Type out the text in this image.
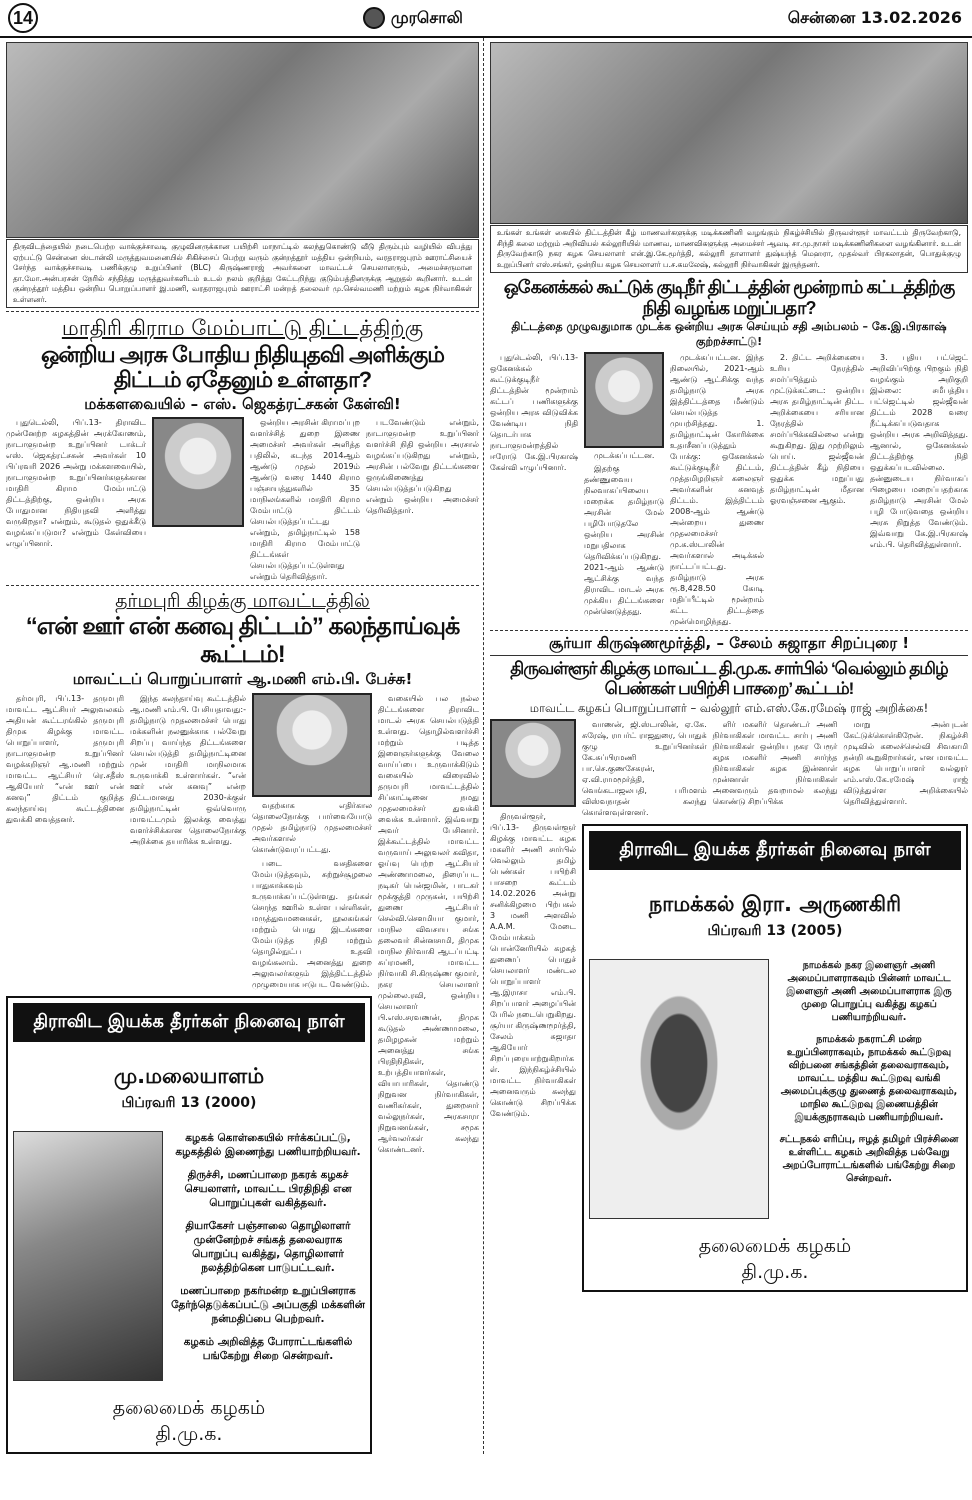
14	முரசொலி	சென்னை 13.02.2026
திருவிடந்தையில் நடைபெற்ற வாக்குச்சாவடி குழுவினருக்கான பயிற்சி மாநாட்டில் கலந்துகொண்டு வீடு திரும்பும் வழியில் விபத்து ஏற்பட்டு சென்னை ஸ்டான்லி மருத்துவமனையில் சிகிச்சைப் பெற்று வரும் குன்றத்தூர் மத்திய ஒன்றியம், வரதராஜபுரம் ஊராட்சியைச் சேர்ந்த வாக்குச்சாவடி பணிக்குழு உறுப்பினர் (BLC) கிருஷ்ணராஜ் அவர்களை மாவட்டச் செயலாளரும், அமைச்சருமான தா.மோ.அன்பரசன் நேரில் சந்தித்து மருத்துவர்களிடம் உடல் நலம் குறித்து கேட்டறிந்து குடும்பத்தினருக்கு ஆறுதல் கூறினார். உடன் குன்றத்தூர் மத்திய ஒன்றிய பொறுப்பாளர் இ.மணி, வரதராஜபுரம் ஊராட்சி மன்றத் தலைவர் மு.செல்வமணி மற்றும் கழக நிர்வாகிகள் உள்ளனர்.
மாதிரி கிராம மேம்பாட்டு திட்டத்திற்கு
ஒன்றிய அரசு போதிய நிதியுதவி அளிக்கும் திட்டம் ஏதேனும் உள்ளதா?
மக்களவையில் – எஸ். ஜெகத்ரட்சகன் கேள்வி!

புதுடெல்லி, பிப்.13- திராவிட முன்னேற்ற கழகத்தின் அரக்கோணம், நாடாளுமன்ற உறுப்பினர் டாக்டர் எஸ். ஜெகத்ரட்சகன் அவர்கள் 10 பிப்ரவரி 2026 அன்று மக்களவையில், நாடாளுமன்ற உறுப்பினர்களுக்கான மாதிரி கிராம மேம்பாட்டு திட்டத்திற்கு, ஒன்றிய அரசு போதுமான நிதியுதவி அளித்து வருகிறதா? என்றும், கூடுதல் ஒதுக்கீடு வழங்கப்படுமா? என்றும் கேள்வியை எழுப்பினார்.

ஒன்றிய அரசின் கிராமப்புற வளர்ச்சித் துறை இணை அமைச்சர் அவர்கள் அளித்த பதிலில், கடந்த 2014ஆம் ஆண்டு முதல் 2019ம் ஆண்டு வரை 1440 கிராம பஞ்சாயத்துகளில் 35 மாநிலங்களில் மாதிரி கிராம மேம்பாட்டு திட்டம் செயல்படுத்தப்பட்டது என்றும், தமிழ்நாட்டில் 158 மாதிரி கிராம மேம்பாட்டு திட்டங்கள் செயல்படுத்தப்பட்டுள்ளது என்றும் தெரிவித்தார்.

படவேண்டும் என்றும், நாடாளுமன்ற உறுப்பினர் வளர்ச்சி நிதி ஒன்றிய அரசால் வழங்கப்படுகிறது என்றும், அரசின் பல்வேறு திட்டங்களை ஒருங்கிணைத்து செயல்படுத்தப்படுகிறது என்றும் ஒன்றிய அமைச்சர் தெரிவித்தார்.

தர்மபுரி கிழக்கு மாவட்டத்தில்
“என் ஊர் என் கனவு திட்டம்” கலந்தாய்வுக் கூட்டம்!
மாவட்டப் பொறுப்பாளர் ஆ.மணி எம்.பி. பேச்சு!

தர்மபுரி, பிப்.13- தருமபுரி மாவட்ட ஆட்சியர் அலுவலகம் அதியன் கூட்டரங்கில் தருமபுரி திமுக கிழக்கு மாவட்ட பொறுப்பாளர், தருமபுரி நாடாளுமன்ற உறுப்பினர் வழக்கறிஞர் ஆ.மணி மற்றும் மாவட்ட ஆட்சியர் ரெ.சதீஸ் ஆகியோர் “என் ஊர் என் கனவு” திட்டம் குறித்த கலந்தாய்வு கூட்டத்தினை துவக்கி வைத்தனர்.

இந்த கலந்தாய்வு கூட்டத்தில் ஆ.மணி எம்.பி. பேசியதாவது:- தமிழ்நாடு முதலமைச்சர் பொது மக்களின் நலனுக்காக பல்வேறு சிறப்பு வாய்ந்த திட்டங்களை செயல்படுத்தி தமிழ்நாட்டினை முன் மாதிரி மாநிலமாக உருவாக்கி உள்ளார்கள். “என் ஊர் என் கனவு” என்ற திட்டமானது 2030-க்குள் தமிழ்நாட்டின் ஒவ்வொரு மாவட்டமும் இலக்கு வைத்து வளர்ச்சிக்கான தொலைநோக்கு அறிக்கை தயாரிக்க உள்ளது.

வதற்காக எதிர்கால தொலைநோக்கு பார்வையோடு முதல் தமிழ்நாடு முதலமைச்சர் அவர்களால் கொண்டுவரப்பட்டது.

படை வசதிகளை மேம்படுத்தவும், சுற்றுச்சூழலை பாதுகாக்கவும் உருவாக்கப்பட்டுள்ளது. தங்கள் சொந்த ஊரில் உள்ள பள்ளிகள், மருத்துவமனைகள், நூலகங்கள் மற்றும் பொது இடங்களை மேம்படுத்த நிதி மற்றும் தொழில்நுட்ப உதவி வழங்கலாம். அனைத்து துறை அலுவலர்களும் இத்திட்டத்தில் முழுமையாக ஈடுபட வேண்டும்.

வகையில் பல நல்ல திட்டங்களை திராவிட மாடல் அரசு செயல்படுத்தி உள்ளது. தொழில்வளர்ச்சி மற்றும் படித்த இளைஞர்களுக்கு வேலை வாய்ப்பை உருவாக்கிடும் வகையில் விரைவில் தருமபுரி மாவட்டத்தில் சிப்காட்டினை நமது முதலமைச்சர் துவக்கி வைக்க உள்ளார். இவ்வாறு அவர் பேசினார். இக்கூட்டத்தில் மாவட்ட வருவாய் அலுவலர் கவிதா, ஓய்வு பெற்ற ஆட்சியர் அண்ணாமலை, திரைப்பட நடிகர் பென்ஜமின், பாடகர் மூக்குத்தி முருகன், பயிற்சி துணை ஆட்சியர் செல்வி.சௌமியா குமார், மாநில விவசாய சங்க தலைவர் சின்னசாமி, திமுக மாநில நிர்வாகி ஆடப்பட்டி சுப்ரமணி, மாவட்ட நிர்வாகி சி.கிருஷ்ண குமார், நகர செயலாளர் முல்லை.ரவி, ஒன்றிய செயலாளர் பி.எஸ்.சரவணன், திமுக கூடுதல் அண்ணாமலை, தமிழழகன் மற்றும் அனைத்து சங்க பிரதிநிதிகள், உற்பத்தியாளர்கள், வியாபாரிகள், தொண்டு நிறுவன நிர்வாகிகள், வணிகர்கள், துறைசார் வல்லுநர்கள், அரசுசாரா நிறுவனங்கள், சமூக ஆர்வலர்கள் கலந்து கொண்டனர்.

திராவிட இயக்க தீரர்கள் நினைவு நாள்
மு.மலையாளம்
பிப்ரவரி 13 (2000)

கழகக் கொள்கையில் ஈர்க்கப்பட்டு, கழகத்தில் இணைந்து பணியாற்றியவர்.

திருச்சி, மணப்பாறை நகரக் கழகச் செயலாளர், மாவட்ட பிரதிநிதி என பொறுப்புகள் வகித்தவர்.

தியாகேசர் பஞ்சாலை தொழிலாளர் முன்னேற்றச் சங்கத் தலைவராக பொறுப்பு வகித்து, தொழிலாளர் நலத்திற்கென பாடுபட்டவர்.

மணப்பாறை நகர்மன்ற உறுப்பினராக தேர்ந்தெடுக்கப்பட்டு அப்பகுதி மக்களின் நன்மதிப்பை பெற்றவர்.

கழகம் அறிவித்த போராட்டங்களில் பங்கேற்று சிறை சென்றவர்.

தலைமைக் கழகம்
தி.மு.க.
உங்கள் உங்கள் கையில் திட்டத்தின் கீழ் மாணவர்களுக்கு மடிக்கணினி வழங்கும் நிகழ்ச்சியில் திருவள்ளூர் மாவட்டம் திருவேற்காடு, சிந்தி கலை மற்றும் அறிவியல் கல்லூரியில் மாணவ, மாணவிகளுக்கு அமைச்சர் ஆவடி சா.மு.நாசர் மடிக்கணினிகளை வழங்கினார். உடன் திருவேற்காடு நகர கழக செயலாளர் என்.இ.கே.மூர்த்தி, கல்லூரி தாளாளர் துஷ்யந்த் மெஹரா, முதல்வர் பிரகலாதன், பொதுக்குழு உறுப்பினர் எஸ்.சங்கர், ஒன்றிய கழக செயலாளர் ப.ச.கமலேஷ், கல்லூரி நிர்வாகிகள் இருந்தனர்.
ஒகேனக்கல் கூட்டுக் குடிநீர் திட்டத்தின் மூன்றாம் கட்டத்திற்கு நிதி வழங்க மறுப்பதா?
திட்டத்தை முழுவதுமாக முடக்க ஒன்றிய அரசு செய்யும் சதி அம்பலம் – கே.இ.பிரகாஷ் குற்றச்சாட்டு!

புதுடெல்லி, பிப்.13- ஒகேனக்கல் கூட்டுக்குடிநீர் திட்டத்தின் மூன்றாம் கட்டப் பணிகளுக்கு ஒன்றிய அரசு விடுவிக்க வேண்டிய நிதி தொடர்பாக நாடாளுமன்றத்தில் ஈரோடு கே.இ.பிரகாஷ் கேள்வி எழுப்பினார்.

முடக்கப்பட்டன.

இதற்கு தண்ணுவைய நிலவாகப்பிலைய மறைக்க தமிழ்நாடு அரசின் மேல் பழிபோடுதலே ஒன்றிய அரசின் மறுபதிலாக தெரிவிக்கப்படுகிறது. 2021-ஆம் ஆண்டு ஆட்சிக்கு வந்த திராவிட மாடல் அரசு முக்கிய திட்டங்களை முன்னெடுத்தது.

முடக்கப்பட்டன. இந்த நிலையில், 2021-ஆம் ஆண்டு ஆட்சிக்கு வந்த தமிழ்நாடு அரசு இத்திட்டத்தை மீண்டும் செயல்படுத்த முயற்சித்தது. 1. தமிழ்நாட்டின் கோரிக்கை உதாசீனப்படுத்தும் போக்கு: ஒகேனக்கல் கூட்டுக்குடிநீர் திட்டம், முத்தமிழறிஞர் கலைஞர் அவர்களின் கனவுத் திட்டம். இத்திட்டம் 2008-ஆம் ஆண்டு அன்றைய துணை முதலமைச்சர் மு.க.ஸ்டாலின் அவர்களால் அடிக்கல் நாட்டப்பட்டது. தமிழ்நாடு அரசு ரூ.8,428.50 கோடி மதிப்பீட்டில் மூன்றாம் கட்ட திட்டத்தை முன்மொழிந்தது.

2. திட்ட அறிக்கையை உரிய நேரத்தில் சமர்ப்பித்தும் முட்டுக்கட்டை: ஒன்றிய அரசு தமிழ்நாட்டின் திட்ட அறிக்கையை சரியான நேரத்தில் சமர்ப்பிக்கவில்லை என்று கூறுகிறது. இது முற்றிலும் பொய். ஜல்ஜீவன் திட்டத்தின் கீழ் நிதியை ஒதுக்க மறுப்பது தமிழ்நாட்டின் மீதான ஓரவஞ்சனை ஆகும்.

3. புதிய பட்ஜெட் அறிவிப்பிற்கு பிறகும் நிதி வழங்கும் அறிகுறி இல்லை: சமீபத்திய பட்ஜெட்டில் ஜல்ஜீவன் திட்டம் 2028 வரை நீட்டிக்கப்படுவதாக ஒன்றிய அரசு அறிவித்தது. ஆனால், ஒகேனக்கல் திட்டத்திற்கு நிதி ஒதுக்கப்படவில்லை. தன்னுடைய நிர்வாகப் பிழையை மறைப்பதற்காக தமிழ்நாடு அரசின் மேல் பழி போடுவதை ஒன்றிய அரசு நிறுத்த வேண்டும். இவ்வாறு கே.இ.பிரகாஷ் எம்.பி. தெரிவித்துள்ளார்.

சூர்யா கிருஷ்ணமூர்த்தி, – சேலம் சுஜாதா சிறப்புரை !
திருவள்ளூர் கிழக்கு மாவட்ட தி.மு.க. சார்பில் ‘வெல்லும் தமிழ் பெண்கள் பயிற்சி பாசறை’ கூட்டம்!
மாவட்ட கழகப் பொறுப்பாளர் – வல்லூர் எம்.எஸ்.கே.ரமேஷ் ராஜ் அறிக்கை!

திருவள்ளூர், பிப்.13- திருவள்ளூர் கிழக்கு மாவட்ட கழக மகளிர் அணி சார்பில் வெல்லும் தமிழ் பெண்கள் பயிற்சி பாசறை கூட்டம் 14.02.2026 அன்று சனிக்கிழமை பிற்பகல் 3 மணி அளவில் A.A.M. மேடை மேம்பாக்கம் பொன்னேரியில் கழகத் துணைப் பொதுச் செயலாளர் மண்டல பொறுப்பாளர் ஆ.இராசா எம்.பி. சிறப்பாளர் அழைப்பின் பேரில் நடைபெறுகிறது. சூர்யா கிருஷ்ணமூர்த்தி, சேலம் சுஜாதா ஆகியோர் சிறப்புரையாற்றுகிறார்கள். இந்நிகழ்ச்சியில் மாவட்ட நிர்வாகிகள் அனைவரும் கலந்து கொண்டு சிறப்பிக்க வேண்டும்.

வாணன், ஜி.ஸ்டாலின், ஏ.கே. சுரேஷ், ராபர்ட் ராஜதுரை, பொதுக் குழு உறுப்பினர்கள் கே.சுப்பிரமணி பா.செ.குணசேகரன், ஏ.வி.ராமமூர்த்தி, வெங்கடாஜலபதி, பரிமளம் விஸ்வநாதன் கலந்து கொள்ளவுள்ளனர்.

ளிர் மகளிர் தொண்டர் அணி நிர்வாகிகள் மாவட்ட சார்பு அணி நிர்வாகிகள் ஒன்றிய நகர பேரூர் கழக மகளிர் அணி சார்ந்த நிர்வாகிகள் கழக இன்னாள் முன்னாள் நிர்வாகிகள் அனைவரும் தவறாமல் கலந்து கொண்டு சிறப்பிக்க

மாறு அன்புடன் கேட்டுக்கொள்கிறேன். நிகழ்ச்சி முடிவில் கலைச்செல்வி சிவகாமி நன்றி கூறுகிறார்கள், என மாவட்ட கழக பொறுப்பாளர் வல்லூர் எம்.எஸ்.கே.ரமேஷ் ராஜ் விடுத்துள்ள அறிக்கையில் தெரிவித்துள்ளார்.

திராவிட இயக்க தீரர்கள் நினைவு நாள்
நாமக்கல் இரா. அருணகிரி
பிப்ரவரி 13 (2005)

நாமக்கல் நகர இளைஞர் அணி அமைப்பாளராகவும் பின்னர் மாவட்ட இளைஞர் அணி அமைப்பாளராக இரு முறை பொறுப்பு வகித்து கழகப் பணியாற்றியவர்.

நாமக்கல் நகராட்சி மன்ற உறுப்பினராகவும், நாமக்கல் கூட்டுறவு விற்பனை சங்கத்தின் தலைவராகவும், மாவட்ட மத்திய கூட்டுறவு வங்கி அமைப்புக்குழு துணைத் தலைவராகவும், மாநில கூட்டுறவு இணையத்தின் இயக்குநராகவும் பணியாற்றியவர்.

சட்டநகல் எரிப்பு, ஈழத் தமிழர் பிரச்சினை உள்ளிட்ட கழகம் அறிவித்த பல்வேறு அறப்போராட்டங்களில் பங்கேற்று சிறை சென்றவர்.

தலைமைக் கழகம்
தி.மு.க.
